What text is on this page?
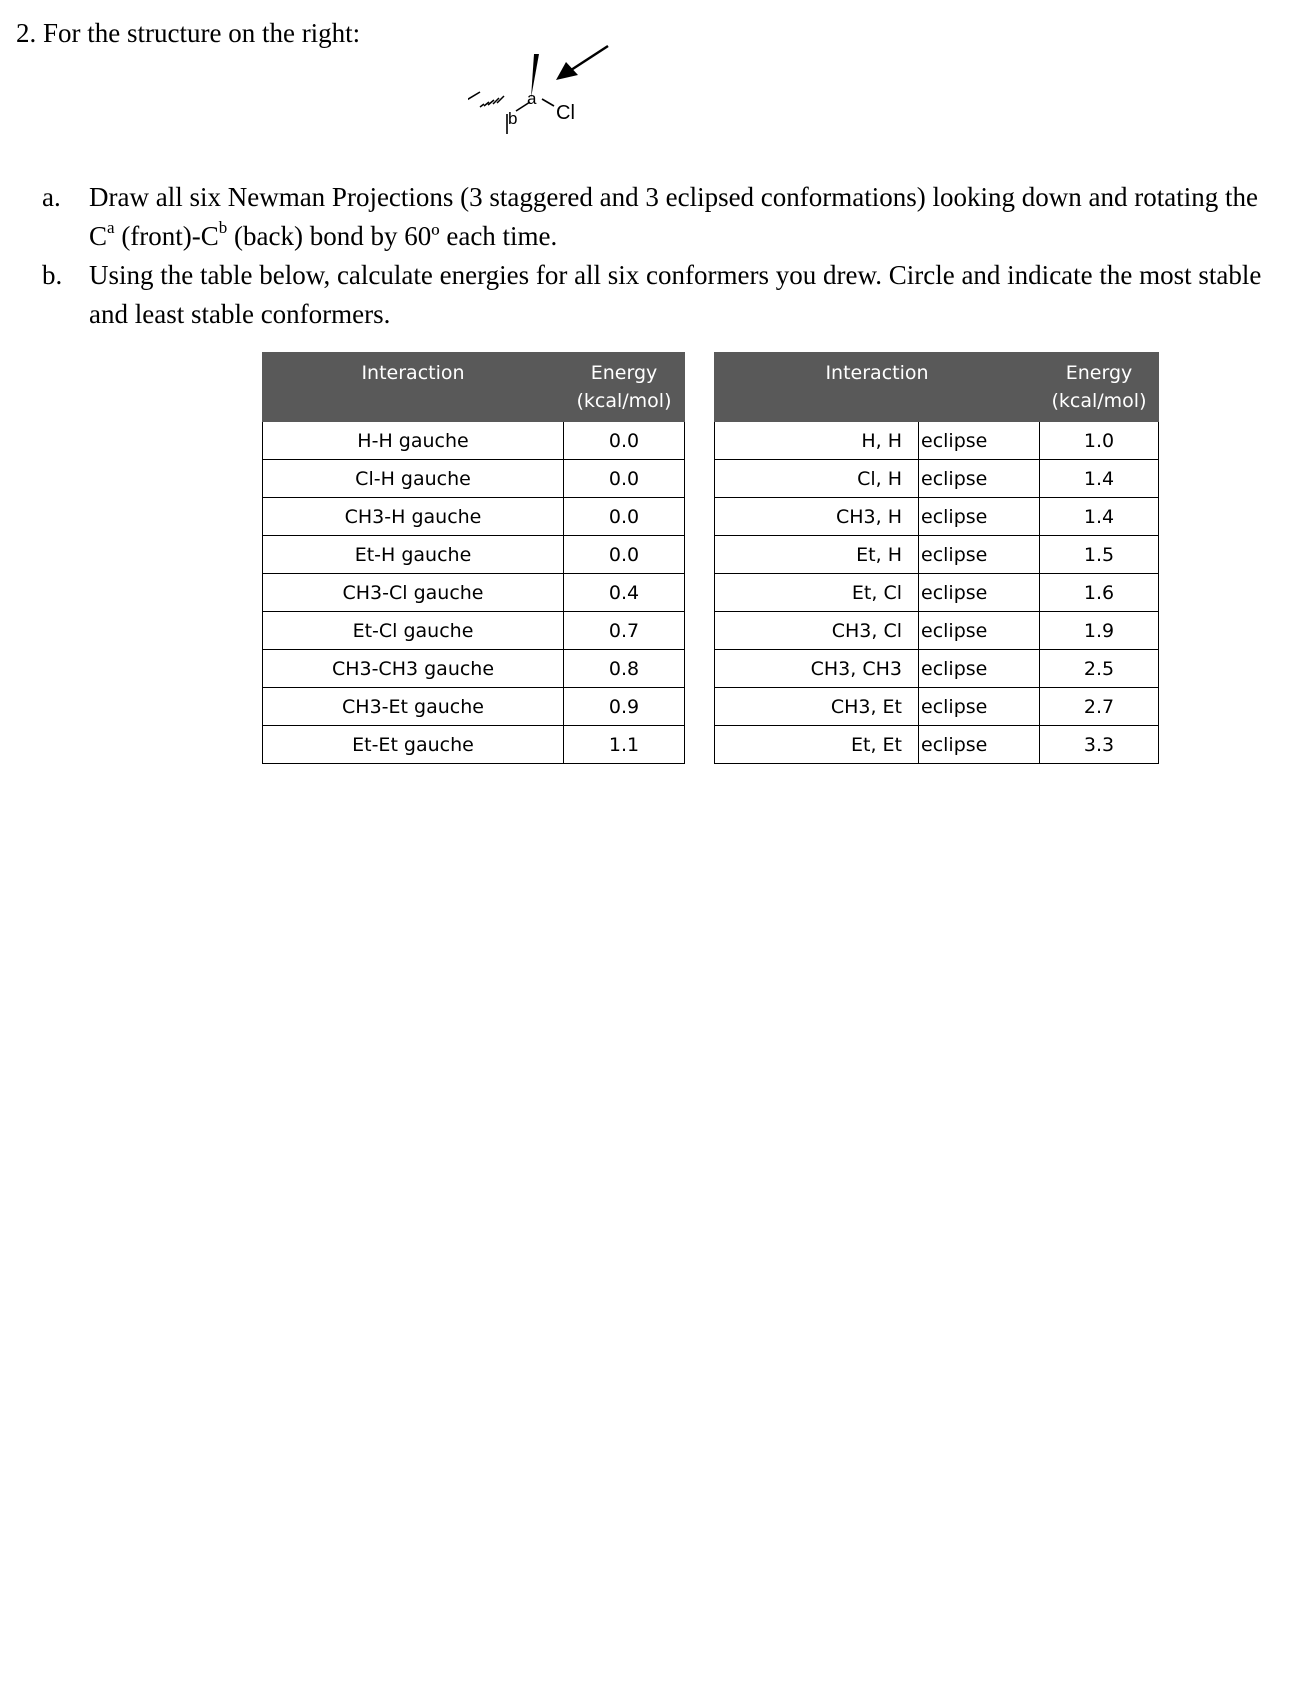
2. For the structure on the right:
b
a
Cl
a. Draw all six Newman Projections (3 staggered and 3 eclipsed conformations) looking down and rotating the $C^a$ $(front)-C^b$ (back) bond by 60º each time.
b. Using the table below, calculate energies for all six conformers you drew. Circle and indicate the most stable and least stable conformers.
Interaction	Energy
(kcal/mol)
H-H gauche	0.0
Cl-H gauche	0.0
CH3-H gauche	0.0
Et-H gauche	0.0
CH3-Cl gauche	0.4
Et-Cl gauche	0.7
CH3-CH3 gauche	0.8
CH3-Et gauche	0.9
Et-Et gauche	1.1
Interaction		Energy
(kcal/mol)
H, H	eclipse	1.0
Cl, H	eclipse	1.4
CH3, H	eclipse	1.4
Et, H	eclipse	1.5
Et, Cl	eclipse	1.6
CH3, Cl	eclipse	1.9
CH3, CH3	eclipse	2.5
CH3, Et	eclipse	2.7
Et, Et	eclipse	3.3
